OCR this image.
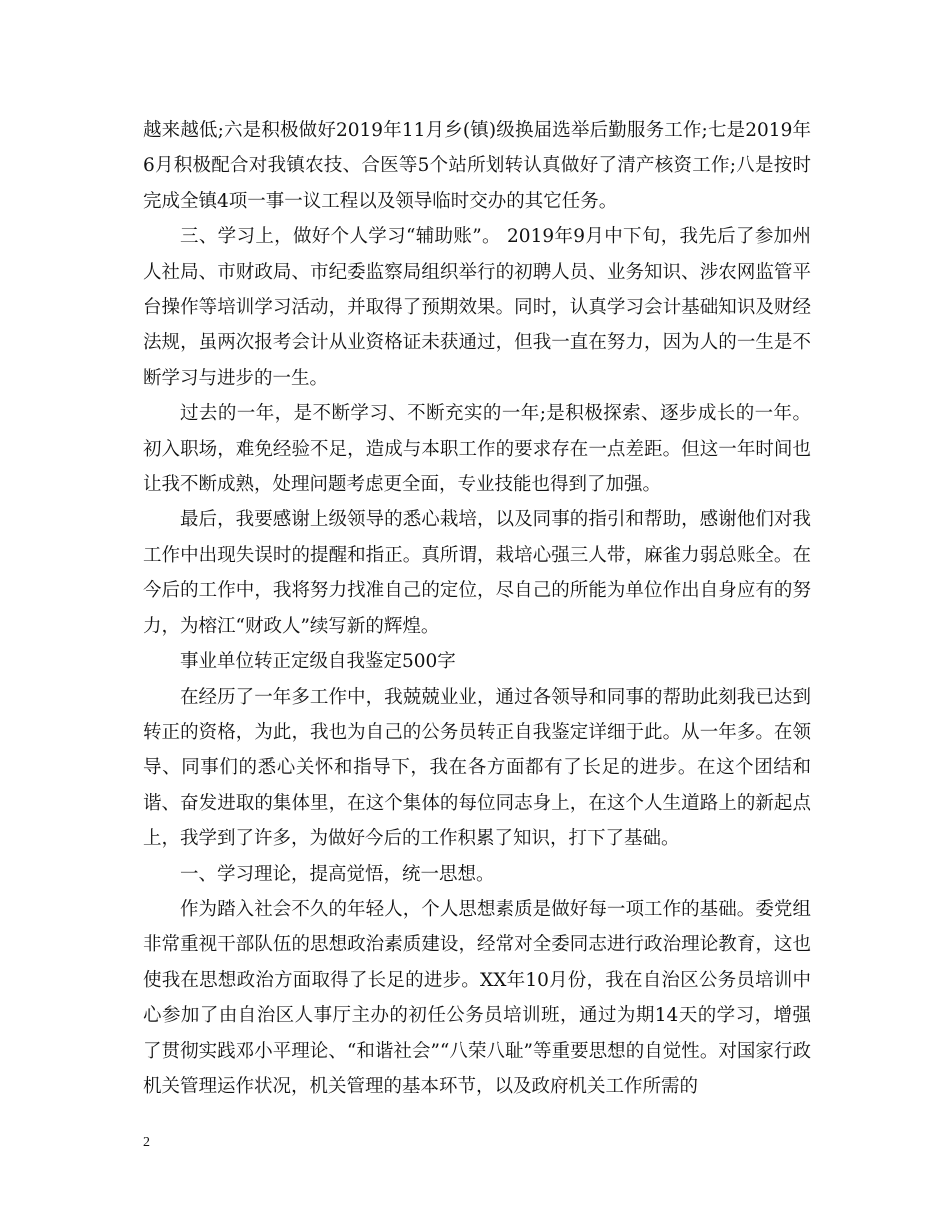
越来越低;六是积极做好2019年11月乡(镇)级换届选举后勤服务工作;七是2019年6月积极配合对我镇农技、合医等5个站所划转认真做好了清产核资工作;八是按时完成全镇4项一事一议工程以及领导临时交办的其它任务。

三、学习上，做好个人学习“辅助账”。 2019年9月中下旬，我先后了参加州人社局、市财政局、市纪委监察局组织举行的初聘人员、业务知识、涉农网监管平台操作等培训学习活动，并取得了预期效果。同时，认真学习会计基础知识及财经法规，虽两次报考会计从业资格证未获通过，但我一直在努力，因为人的一生是不断学习与进步的一生。

过去的一年，是不断学习、不断充实的一年;是积极探索、逐步成长的一年。初入职场，难免经验不足，造成与本职工作的要求存在一点差距。但这一年时间也让我不断成熟，处理问题考虑更全面，专业技能也得到了加强。

最后，我要感谢上级领导的悉心栽培，以及同事的指引和帮助，感谢他们对我工作中出现失误时的提醒和指正。真所谓，栽培心强三人带，麻雀力弱总账全。在今后的工作中，我将努力找准自己的定位，尽自己的所能为单位作出自身应有的努力，为榕江“财政人”续写新的辉煌。

事业单位转正定级自我鉴定500字

在经历了一年多工作中，我兢兢业业，通过各领导和同事的帮助此刻我已达到转正的资格，为此，我也为自己的公务员转正自我鉴定详细于此。从一年多。在领导、同事们的悉心关怀和指导下，我在各方面都有了长足的进步。在这个团结和谐、奋发进取的集体里，在这个集体的每位同志身上，在这个人生道路上的新起点上，我学到了许多，为做好今后的工作积累了知识，打下了基础。

一、学习理论，提高觉悟，统一思想。

作为踏入社会不久的年轻人，个人思想素质是做好每一项工作的基础。委党组非常重视干部队伍的思想政治素质建设，经常对全委同志进行政治理论教育，这也使我在思想政治方面取得了长足的进步。XX年10月份，我在自治区公务员培训中心参加了由自治区人事厅主办的初任公务员培训班，通过为期14天的学习，增强了贯彻实践邓小平理论、“和谐社会”“八荣八耻”等重要思想的自觉性。对国家行政机关管理运作状况，机关管理的基本环节，以及政府机关工作所需的

2
